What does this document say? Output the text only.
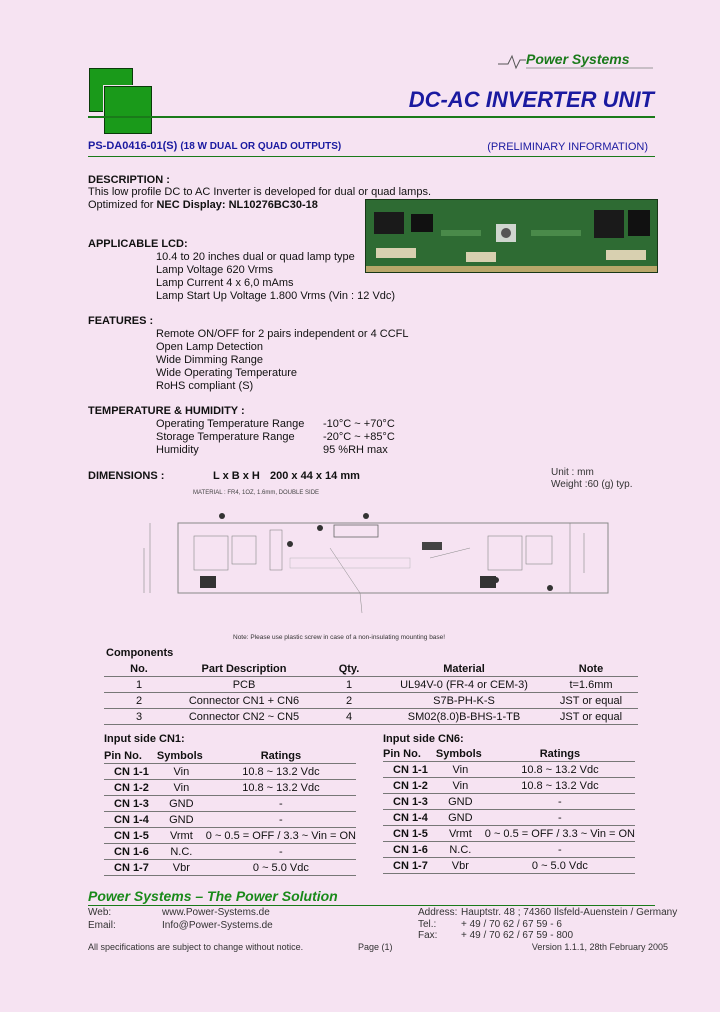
Power Systems
DC-AC INVERTER UNIT
PS-DA0416-01(S) (18 W DUAL OR QUAD OUTPUTS)	(PRELIMINARY INFORMATION)
DESCRIPTION :
This low profile DC to AC Inverter is developed for dual or quad lamps.
Optimized for NEC Display: NL10276BC30-18
APPLICABLE LCD:
10.4 to 20 inches dual or quad lamp type
Lamp Voltage 620 Vrms
Lamp Current 4 x 6,0 mAms
Lamp Start Up Voltage 1.800 Vrms (Vin : 12 Vdc)
FEATURES :
Remote ON/OFF for 2 pairs independent or 4 CCFL
Open Lamp Detection
Wide Dimming Range
Wide Operating Temperature
RoHS compliant (S)
TEMPERATURE & HUMIDITY :
Operating Temperature Range -10°C ~ +70°C
Storage Temperature Range	-20°C ~ +85°C
Humidity	95 %RH max
DIMENSIONS :	L x B x H 200 x 44 x 14 mm	Unit : mm
Weight :60 (g) typ.
MATERIAL : FR4, 1OZ, 1.6mm, DOUBLE SIDE
Note: Please use plastic screw in case of a non-insulating mounting base!
Components
No.	Part Description	Qty.	Material	Note
1	PCB	1	UL94V-0 (FR-4 or CEM-3)	t=1.6mm
2	Connector CN1 + CN6	2	S7B-PH-K-S	JST or equal
3	Connector CN2 ~ CN5	4	SM02(8.0)B-BHS-1-TB	JST or equal
Input side CN1:
Pin No.	Symbols	Ratings
CN 1-1	Vin	10.8 ~ 13.2 Vdc
CN 1-2	Vin	10.8 ~ 13.2 Vdc
CN 1-3	GND	-
CN 1-4	GND	-
CN 1-5	Vrmt	0 ~ 0.5 = OFF / 3.3 ~ Vin = ON
CN 1-6	N.C.	-
CN 1-7	Vbr	0 ~ 5.0 Vdc
Input side CN6:
Pin No.	Symbols	Ratings
CN 1-1	Vin	10.8 ~ 13.2 Vdc
CN 1-2	Vin	10.8 ~ 13.2 Vdc
CN 1-3	GND	-
CN 1-4	GND	-
CN 1-5	Vrmt	0 ~ 0.5 = OFF / 3.3 ~ Vin = ON
CN 1-6	N.C.	-
CN 1-7	Vbr	0 ~ 5.0 Vdc
Power Systems – The Power Solution
Web:	www.Power-Systems.de
Email:	Info@Power-Systems.de
Address: Hauptstr. 48 ; 74360 Ilsfeld-Auenstein / Germany
Tel.: + 49 / 70 62 / 67 59 - 6
Fax: + 49 / 70 62 / 67 59 - 800
All specifications are subject to change without notice.	Page (1)	Version 1.1.1, 28th February 2005
